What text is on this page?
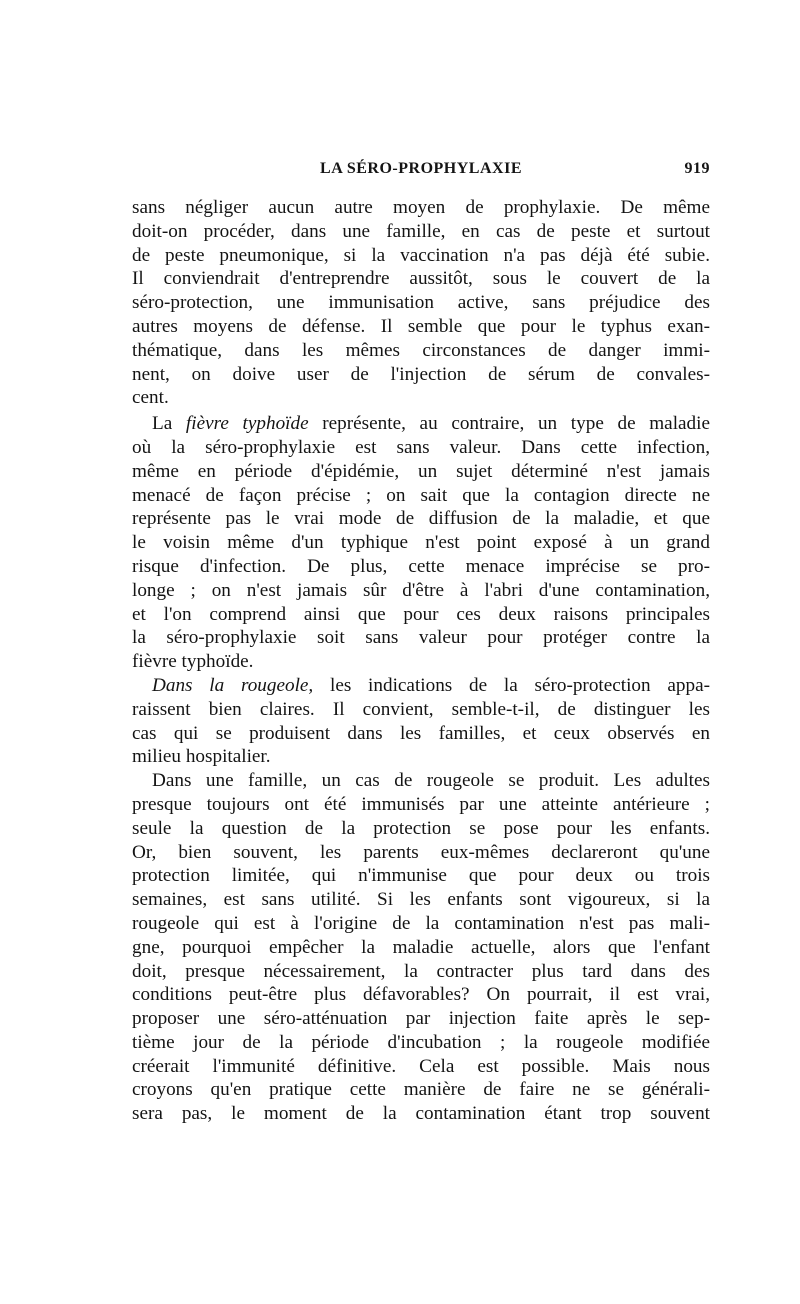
LA SÉRO-PROPHYLAXIE	919
sans négliger aucun autre moyen de prophylaxie. De même
doit-on procéder, dans une famille, en cas de peste et surtout
de peste pneumonique, si la vaccination n'a pas déjà été subie.
Il conviendrait d'entreprendre aussitôt, sous le couvert de la
séro-protection, une immunisation active, sans préjudice des
autres moyens de défense. Il semble que pour le typhus exan-
thématique, dans les mêmes circonstances de danger immi-
nent, on doive user de l'injection de sérum de convales-
cent.
La fièvre typhoïde représente, au contraire, un type de maladie
où la séro-prophylaxie est sans valeur. Dans cette infection,
même en période d'épidémie, un sujet déterminé n'est jamais
menacé de façon précise ; on sait que la contagion directe ne
représente pas le vrai mode de diffusion de la maladie, et que
le voisin même d'un typhique n'est point exposé à un grand
risque d'infection. De plus, cette menace imprécise se pro-
longe ; on n'est jamais sûr d'être à l'abri d'une contamination,
et l'on comprend ainsi que pour ces deux raisons principales
la séro-prophylaxie soit sans valeur pour protéger contre la
fièvre typhoïde.
Dans la rougeole, les indications de la séro-protection appa-
raissent bien claires. Il convient, semble-t-il, de distinguer les
cas qui se produisent dans les familles, et ceux observés en
milieu hospitalier.
Dans une famille, un cas de rougeole se produit. Les adultes
presque toujours ont été immunisés par une atteinte antérieure ;
seule la question de la protection se pose pour les enfants.
Or, bien souvent, les parents eux-mêmes declareront qu'une
protection limitée, qui n'immunise que pour deux ou trois
semaines, est sans utilité. Si les enfants sont vigoureux, si la
rougeole qui est à l'origine de la contamination n'est pas mali-
gne, pourquoi empêcher la maladie actuelle, alors que l'enfant
doit, presque nécessairement, la contracter plus tard dans des
conditions peut-être plus défavorables? On pourrait, il est vrai,
proposer une séro-atténuation par injection faite après le sep-
tième jour de la période d'incubation ; la rougeole modifiée
créerait l'immunité définitive. Cela est possible. Mais nous
croyons qu'en pratique cette manière de faire ne se générali-
sera pas, le moment de la contamination étant trop souvent
